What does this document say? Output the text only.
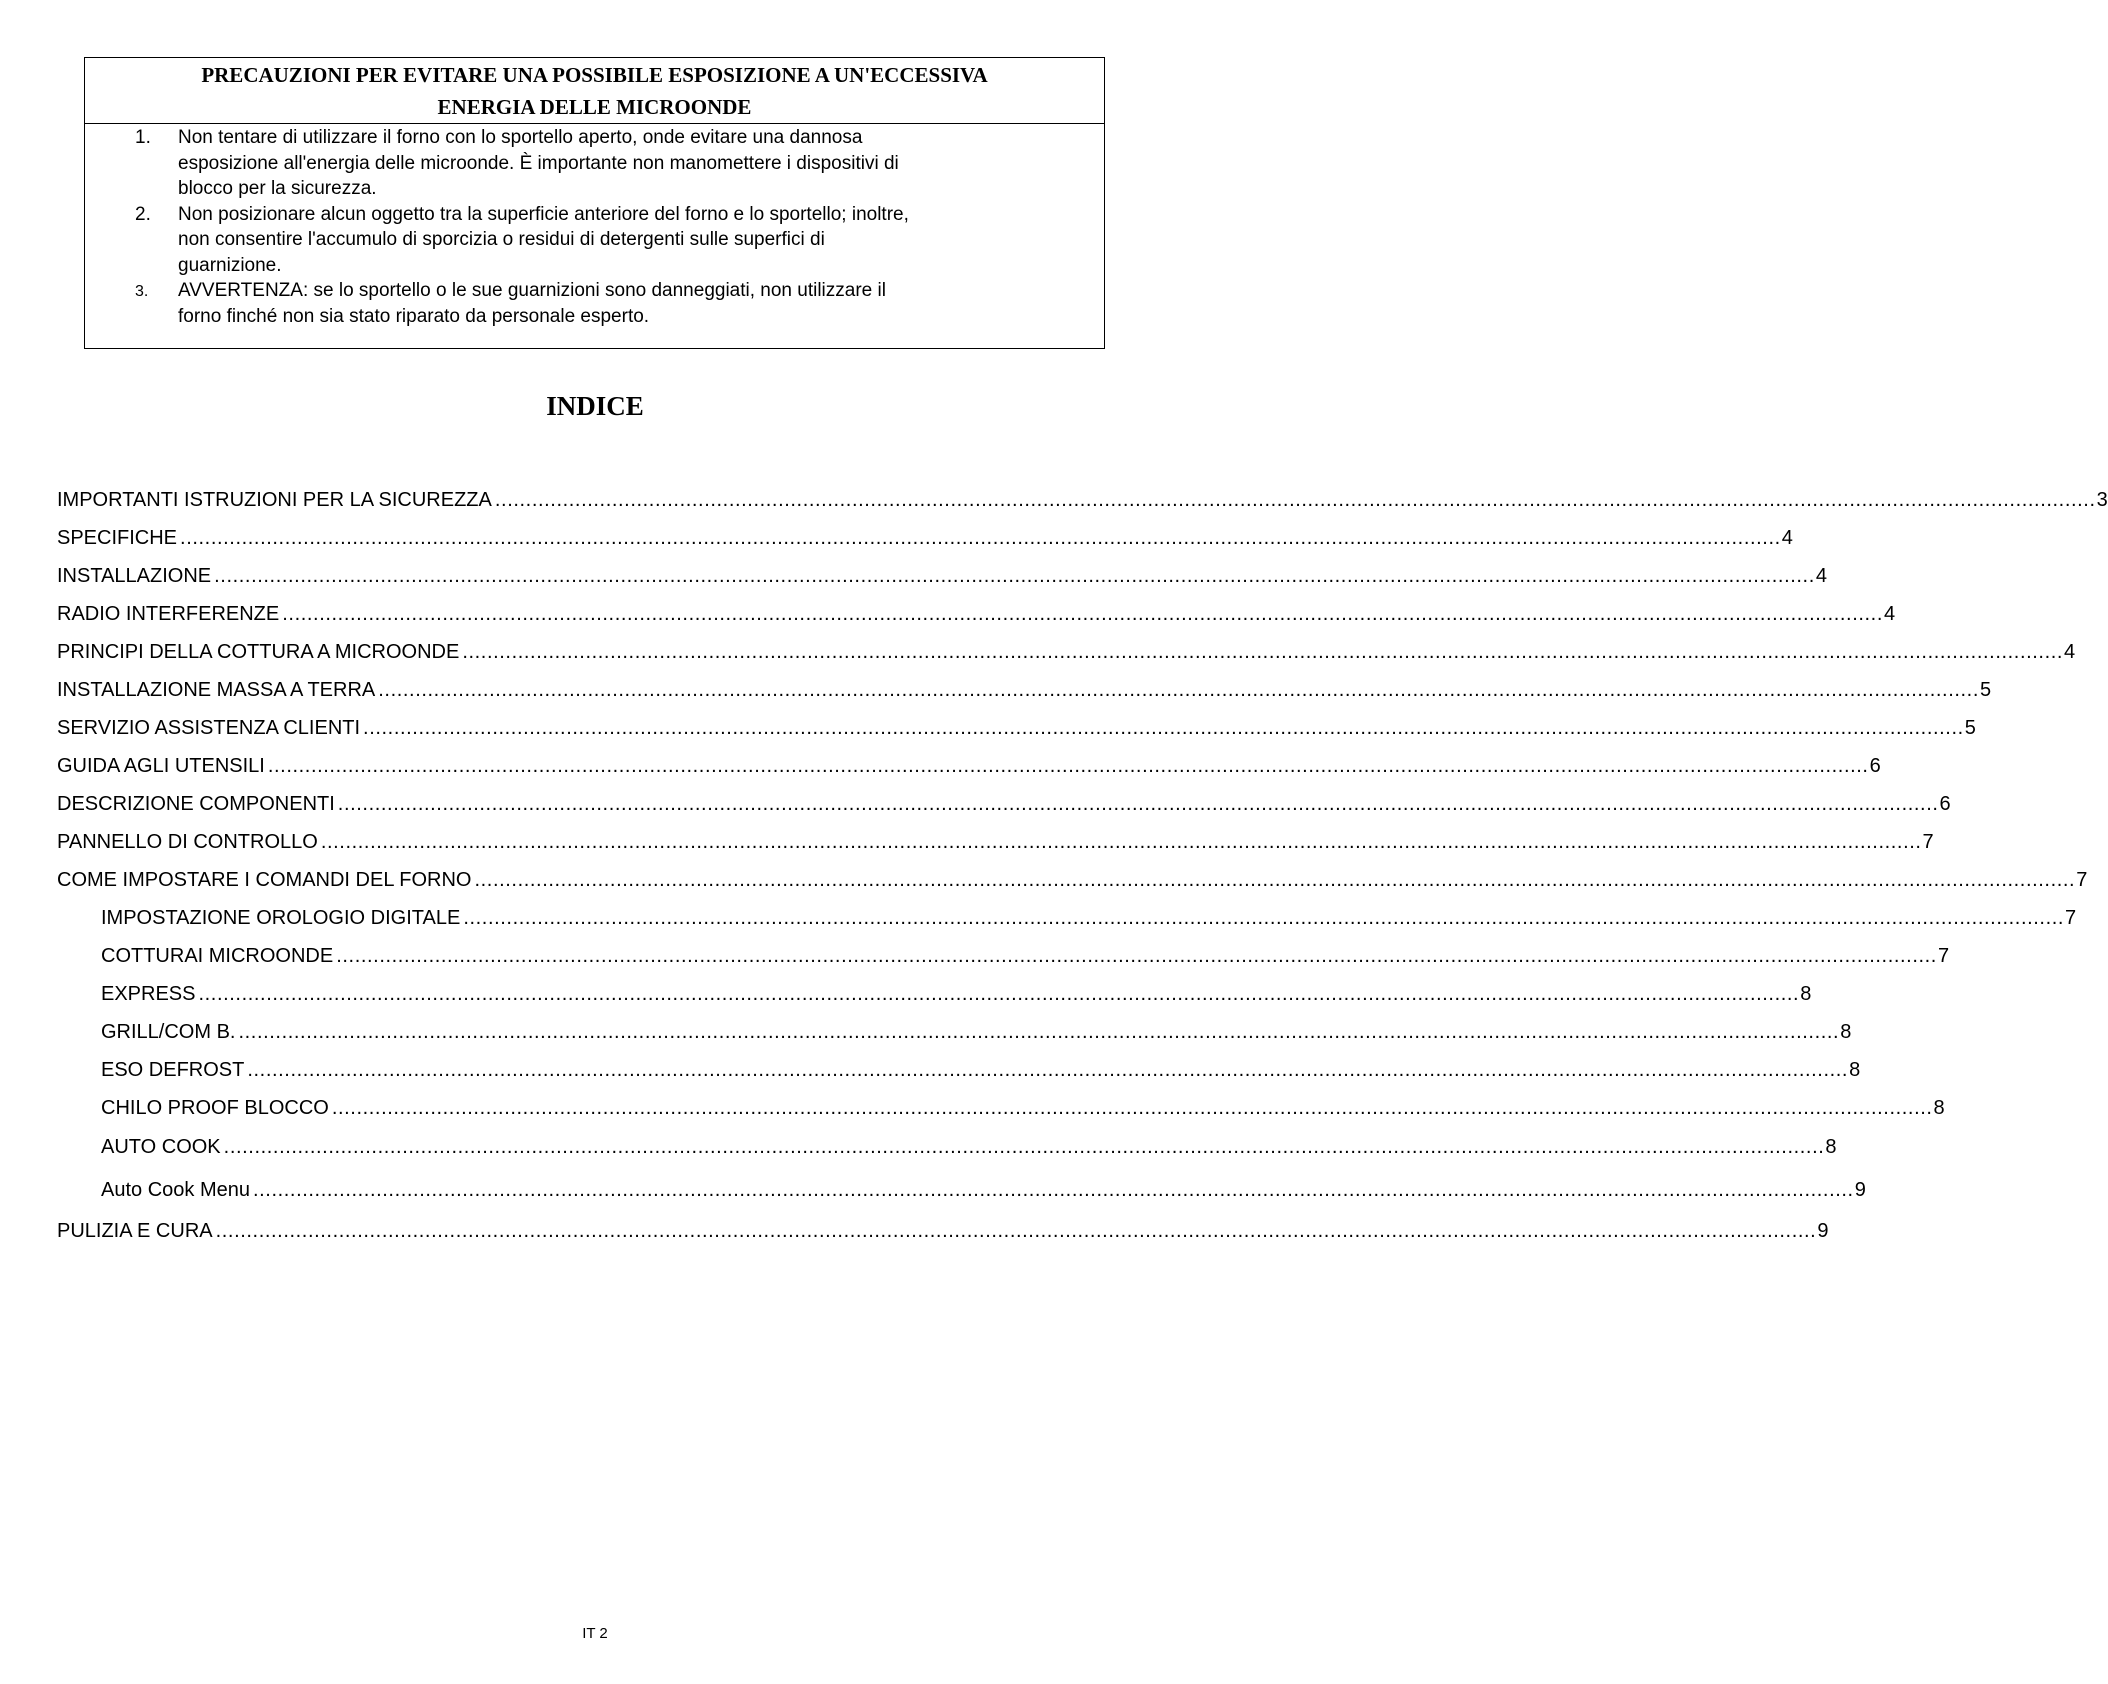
PRECAUZIONI PER EVITARE UNA POSSIBILE ESPOSIZIONE A UN'ECCESSIVA
ENERGIA DELLE MICROONDE
1. Non tentare di utilizzare il forno con lo sportello aperto, onde evitare una dannosa
esposizione all'energia delle microonde. È importante non manomettere i dispositivi di
blocco per la sicurezza.
2. Non posizionare alcun oggetto tra la superficie anteriore del forno e lo sportello; inoltre,
non consentire l'accumulo di sporcizia o residui di detergenti sulle superfici di
guarnizione.
3. AVVERTENZA: se lo sportello o le sue guarnizioni sono danneggiati, non utilizzare il
forno finché non sia stato riparato da personale esperto.
INDICE
IMPORTANTI ISTRUZIONI PER LA SICUREZZA .................................................................................................................................................................................................................................................................... 3
SPECIFICHE .................................................................................................................................................................................................................................................................... 4
INSTALLAZIONE .................................................................................................................................................................................................................................................................... 4
RADIO INTERFERENZE .................................................................................................................................................................................................................................................................... 4
PRINCIPI DELLA COTTURA A MICROONDE .................................................................................................................................................................................................................................................................... 4
INSTALLAZIONE MASSA A TERRA .................................................................................................................................................................................................................................................................... 5
SERVIZIO ASSISTENZA CLIENTI .................................................................................................................................................................................................................................................................... 5
GUIDA AGLI UTENSILI .................................................................................................................................................................................................................................................................... 6
DESCRIZIONE COMPONENTI .................................................................................................................................................................................................................................................................... 6
PANNELLO DI CONTROLLO .................................................................................................................................................................................................................................................................... 7
COME IMPOSTARE I COMANDI DEL FORNO .................................................................................................................................................................................................................................................................... 7
IMPOSTAZIONE OROLOGIO DIGITALE .................................................................................................................................................................................................................................................................... 7
COTTURAI MICROONDE .................................................................................................................................................................................................................................................................... 7
EXPRESS .................................................................................................................................................................................................................................................................... 8
GRILL/COM B. .................................................................................................................................................................................................................................................................... 8
ESO DEFROST .................................................................................................................................................................................................................................................................... 8
CHILO PROOF BLOCCO .................................................................................................................................................................................................................................................................... 8
AUTO COOK .................................................................................................................................................................................................................................................................... 8
Auto Cook Menu .................................................................................................................................................................................................................................................................... 9
PULIZIA E CURA .................................................................................................................................................................................................................................................................... 9
IT 2
